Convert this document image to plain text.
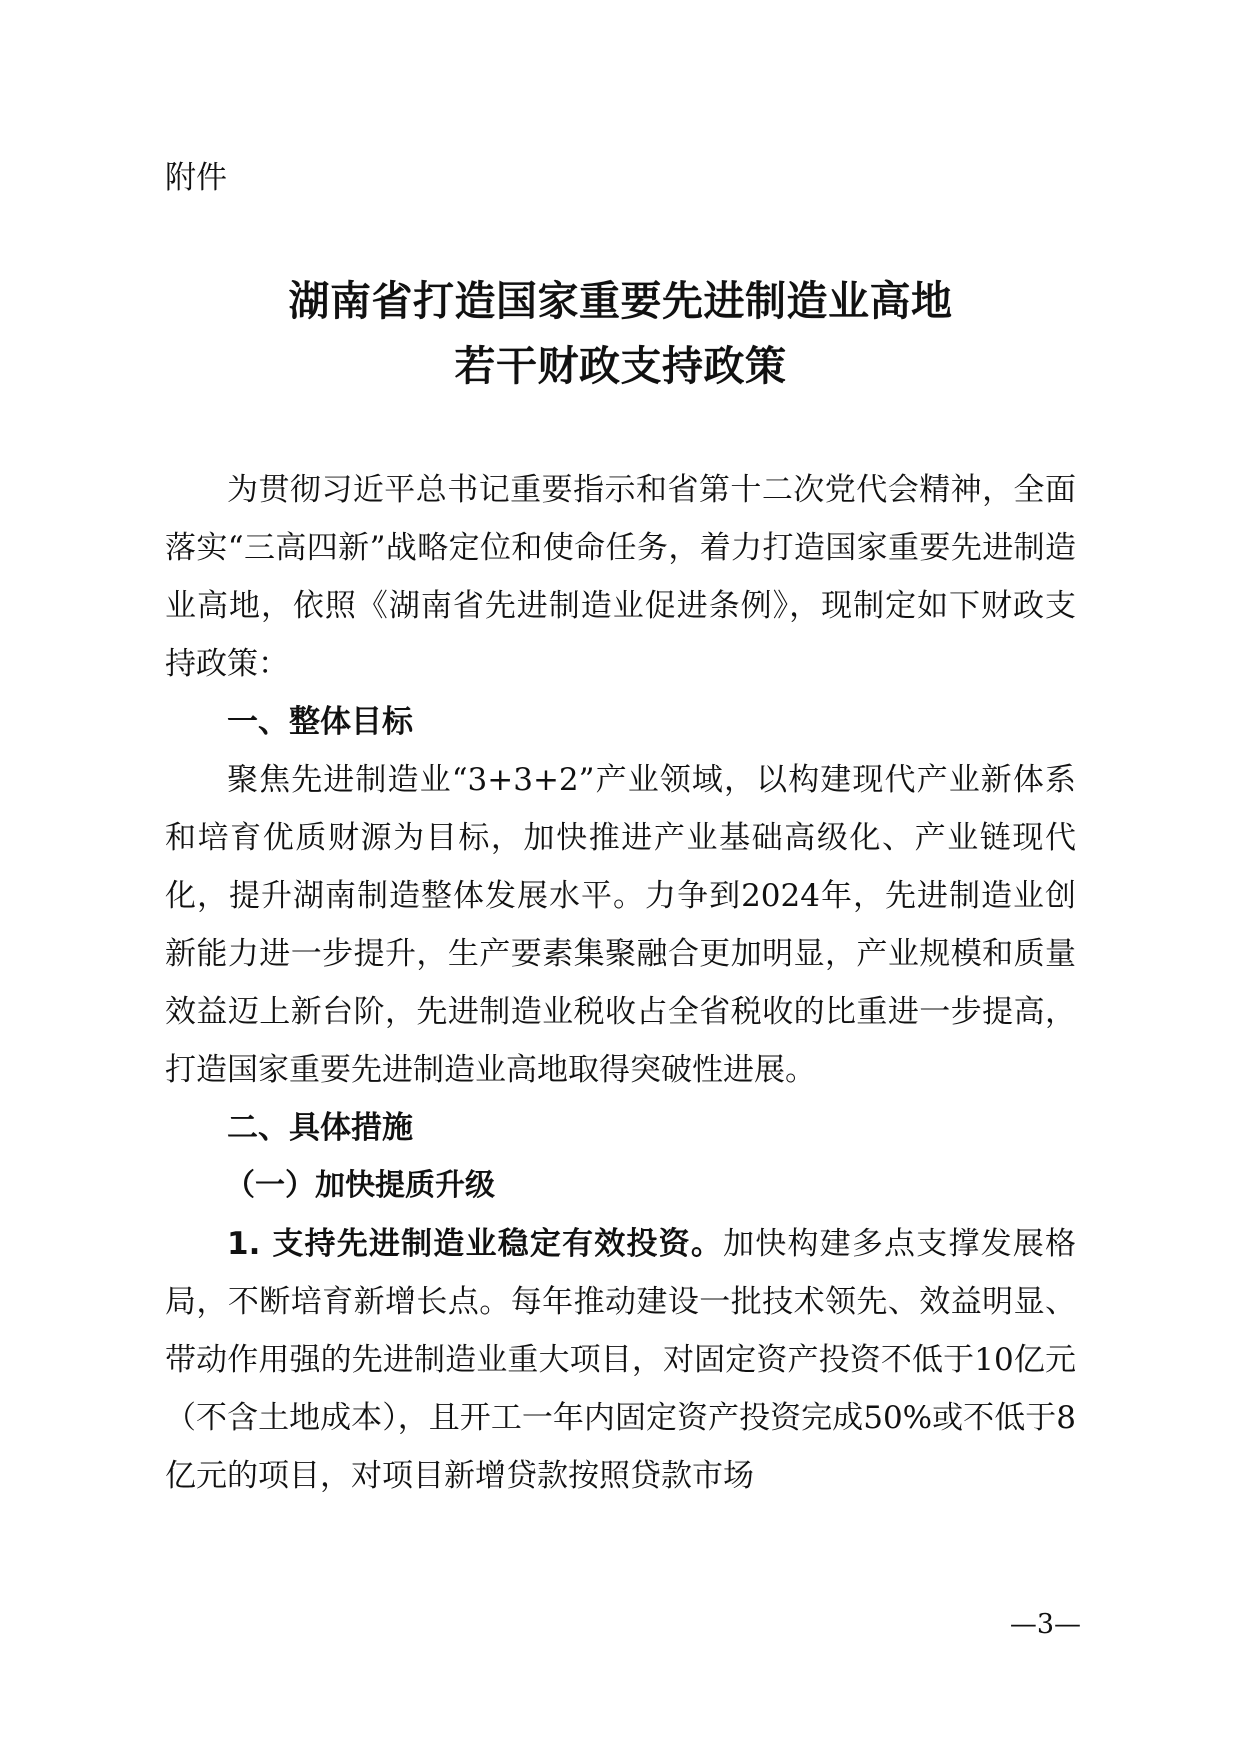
附件
湖南省打造国家重要先进制造业高地
若干财政支持政策

为贯彻习近平总书记重要指示和省第十二次党代会精神，全面落实“三高四新”战略定位和使命任务，着力打造国家重要先进制造业高地，依照《湖南省先进制造业促进条例》，现制定如下财政支持政策：

一、整体目标

聚焦先进制造业“3+3+2”产业领域，以构建现代产业新体系和培育优质财源为目标，加快推进产业基础高级化、产业链现代化，提升湖南制造整体发展水平。力争到2024年，先进制造业创新能力进一步提升，生产要素集聚融合更加明显，产业规模和质量效益迈上新台阶，先进制造业税收占全省税收的比重进一步提高，打造国家重要先进制造业高地取得突破性进展。

二、具体措施

（一）加快提质升级

1. 支持先进制造业稳定有效投资。加快构建多点支撑发展格局，不断培育新增长点。每年推动建设一批技术领先、效益明显、带动作用强的先进制造业重大项目，对固定资产投资不低于10亿元（不含土地成本），且开工一年内固定资产投资完成50%或不低于8亿元的项目，对项目新增贷款按照贷款市场

—3—
